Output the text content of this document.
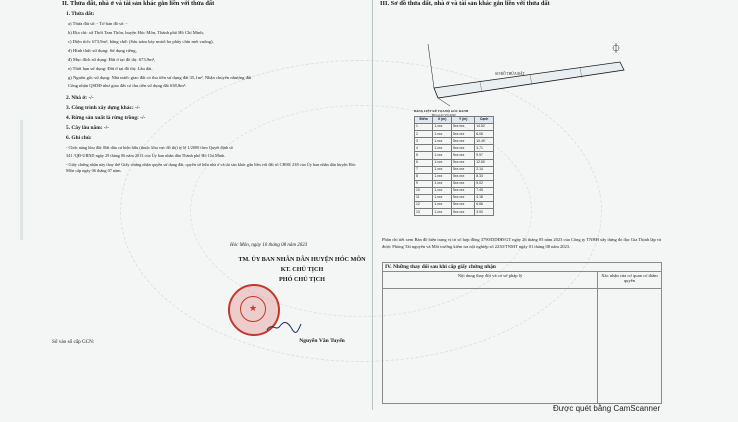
II. Thửa đất, nhà ở và tài sản khác gắn liền với thửa đất
1. Thửa đất:
a) Thửa đất số: - Tờ bản đồ số: -
b) Địa chỉ: xã Thới Tam Thôn, huyện Hóc Môn, Thành phố Hồ Chí Minh,
c) Diện tích: 673,9m², bằng chữ: (Sáu trăm bảy mươi ba phẩy chín mét vuông),
d) Hình thức sử dụng: Sử dụng riêng,
đ) Mục đích sử dụng: Đất ở tại đô thị: 673,9m²,
e) Thời hạn sử dụng: Đất ở tại đô thị: Lâu dài,
g) Nguồn gốc sử dụng: Nhà nước giao đất có thu tiền sử dụng đất 35,1m², Nhận chuyển nhượng đất
Công nhận QSDĐ như giao đất có thu tiền sử dụng đất 638,8m².
2. Nhà ở: -/-
3. Công trình xây dựng khác: -/-
4. Rừng sản xuất là rừng trồng: -/-
5. Cây lâu năm: -/-
6. Ghi chú:
- Chức năng khu đất: Đất dân cư hiện hữu (thuộc khu vực đô thị) tỷ lệ 1/2000 theo Quyết định số
341 /QĐ-UBND ngày 29 tháng 06 năm 2013 của Ủy ban nhân dân Thành phố Hồ Chí Minh.
- Giấy chứng nhận này thay thế Giấy chứng nhận quyền sử dụng đất, quyền sở hữu nhà ở và tài sản khác gắn liền với đất số CH00/ 238 của Ủy ban nhân dân huyện Hóc Môn cấp ngày 06 tháng 07 năm.
Hóc Môn, ngày 10 tháng 08 năm 2023
TM. ỦY BAN NHÂN DÂN HUYỆN HÓC MÔN
KT. CHỦ TỊCH
PHÓ CHỦ TỊCH
Nguyễn Văn Tuyến
Số vào sổ cấp GCN:
★
III. Sơ đồ thửa đất, nhà ở và tài sản khác gắn liền với thửa đất
SƠ ĐỒ THỬA ĐẤT
BẢNG LIỆT KÊ TỌA ĐỘ GÓC RANH
Hệ tọa độ VN-2000
Điểm	X (m)	Y (m)	Cạnh
1	1.xxx	5xx.xxx	14.52
2	1.xxx	5xx.xxx	6.08
3	1.xxx	5xx.xxx	10.49
4	1.xxx	5xx.xxx	3.71
5	1.xxx	5xx.xxx	9.97
6	1.xxx	5xx.xxx	12.60
7	1.xxx	5xx.xxx	2.14
8	1.xxx	5xx.xxx	8.33
9	1.xxx	5xx.xxx	5.02
10	1.xxx	5xx.xxx	7.45
11	1.xxx	5xx.xxx	4.18
12	1.xxx	5xx.xxx	6.66
13	1.xxx	5xx.xxx	3.90
Phần chỉ tiết xem Bản đồ hiện trạng vị trí số hợp đồng 3790/DDĐĐ/GT ngày 26 tháng 05 năm 2023 của Công ty TNHH xây dựng đo đạc Gia Thịnh lập và được Phòng Tài nguyên và Môi trường kiểm tra nội nghiệp số 2230/TNMT ngày 01 tháng 08 năm 2023.
IV. Những thay đổi sau khi cấp giấy chứng nhận	
Nội dung thay đổi và cơ sở pháp lý	Xác nhận của cơ quan có thẩm quyền

Được quét bằng CamScanner
